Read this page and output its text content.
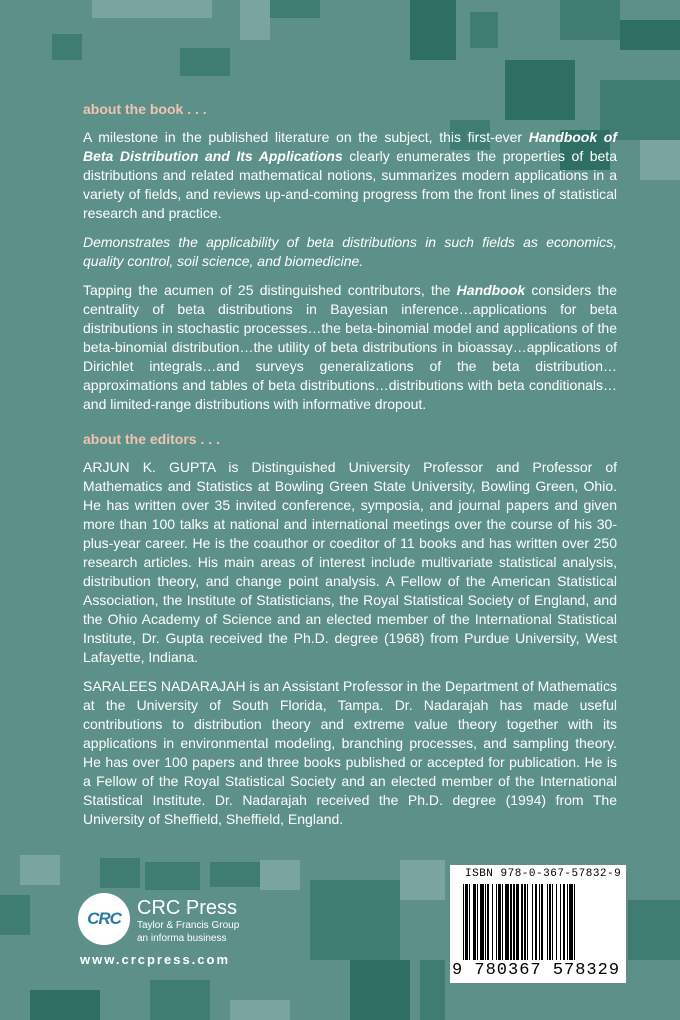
about the book . . .

A milestone in the published literature on the subject, this first-ever Handbook of Beta Distribution and Its Applications clearly enumerates the properties of beta distributions and related mathematical notions, summarizes modern applications in a variety of fields, and reviews up-and-coming progress from the front lines of statistical research and practice.

Demonstrates the applicability of beta distributions in such fields as economics, quality control, soil science, and biomedicine.

Tapping the acumen of 25 distinguished contributors, the Handbook considers the centrality of beta distributions in Bayesian inference…applications for beta distributions in stochastic processes…the beta-binomial model and applications of the beta-binomial distribution…the utility of beta distributions in bioassay…applications of Dirichlet integrals…and surveys generalizations of the beta distribution…approximations and tables of beta distributions…distributions with beta conditionals…and limited-range distributions with informative dropout.

about the editors . . .

ARJUN K. GUPTA is Distinguished University Professor and Professor of Mathematics and Statistics at Bowling Green State University, Bowling Green, Ohio. He has written over 35 invited conference, symposia, and journal papers and given more than 100 talks at national and international meetings over the course of his 30-plus-year career. He is the coauthor or coeditor of 11 books and has written over 250 research articles. His main areas of interest include multivariate statistical analysis, distribution theory, and change point analysis. A Fellow of the American Statistical Association, the Institute of Statisticians, the Royal Statistical Society of England, and the Ohio Academy of Science and an elected member of the International Statistical Institute, Dr. Gupta received the Ph.D. degree (1968) from Purdue University, West Lafayette, Indiana.

SARALEES NADARAJAH is an Assistant Professor in the Department of Mathematics at the University of South Florida, Tampa. Dr. Nadarajah has made useful contributions to distribution theory and extreme value theory together with its applications in environmental modeling, branching processes, and sampling theory. He has over 100 papers and three books published or accepted for publication. He is a Fellow of the Royal Statistical Society and an elected member of the International Statistical Institute. Dr. Nadarajah received the Ph.D. degree (1994) from The University of Sheffield, Sheffield, England.

CRC CRC Press
Taylor & Francis Group
an informa business
www.crcpress.com
ISBN 978-0-367-57832-9
9 780367 578329
